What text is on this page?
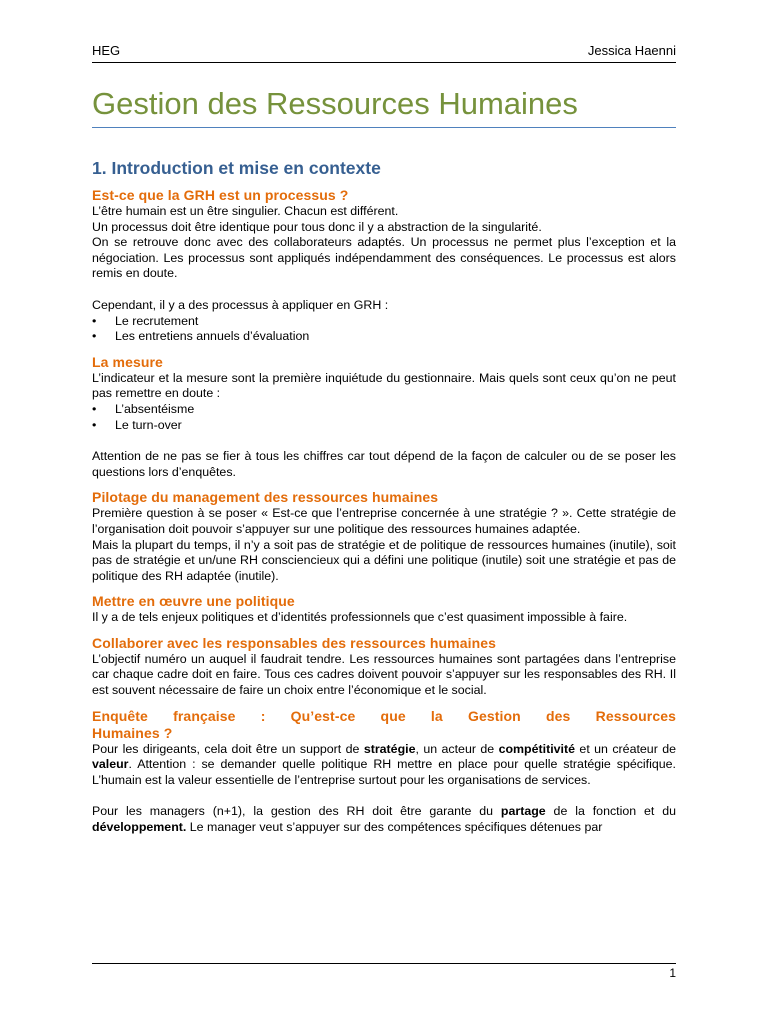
HEG	Jessica Haenni
Gestion des Ressources Humaines
1. Introduction et mise en contexte
Est-ce que la GRH est un processus ?

L’être humain est un être singulier. Chacun est différent.

Un processus doit être identique pour tous donc il y a abstraction de la singularité.

On se retrouve donc avec des collaborateurs adaptés. Un processus ne permet plus l’exception et la négociation. Les processus sont appliqués indépendamment des conséquences. Le processus est alors remis en doute.

Cependant, il y a des processus à appliquer en GRH :

• Le recrutement
• Les entretiens annuels d’évaluation
La mesure

L’indicateur et la mesure sont la première inquiétude du gestionnaire. Mais quels sont ceux qu’on ne peut pas remettre en doute :

• L’absentéisme
• Le turn-over

Attention de ne pas se fier à tous les chiffres car tout dépend de la façon de calculer ou de se poser les questions lors d’enquêtes.

Pilotage du management des ressources humaines

Première question à se poser « Est-ce que l’entreprise concernée à une stratégie ? ». Cette stratégie de l’organisation doit pouvoir s’appuyer sur une politique des ressources humaines adaptée.

Mais la plupart du temps, il n’y a soit pas de stratégie et de politique de ressources humaines (inutile), soit pas de stratégie et un/une RH consciencieux qui a défini une politique (inutile) soit une stratégie et pas de politique des RH adaptée (inutile).

Mettre en œuvre une politique

Il y a de tels enjeux politiques et d’identités professionnels que c’est quasiment impossible à faire.

Collaborer avec les responsables des ressources humaines

L’objectif numéro un auquel il faudrait tendre. Les ressources humaines sont partagées dans l’entreprise car chaque cadre doit en faire. Tous ces cadres doivent pouvoir s’appuyer sur les responsables des RH. Il est souvent nécessaire de faire un choix entre l’économique et le social.

Enquête française : Qu’est-ce que la Gestion des Ressources
Humaines ?

Pour les dirigeants, cela doit être un support de stratégie, un acteur de compétitivité et un créateur de valeur. Attention : se demander quelle politique RH mettre en place pour quelle stratégie spécifique. L’humain est la valeur essentielle de l’entreprise surtout pour les organisations de services.

Pour les managers (n+1), la gestion des RH doit être garante du partage de la fonction et du développement. Le manager veut s’appuyer sur des compétences spécifiques détenues par

1
